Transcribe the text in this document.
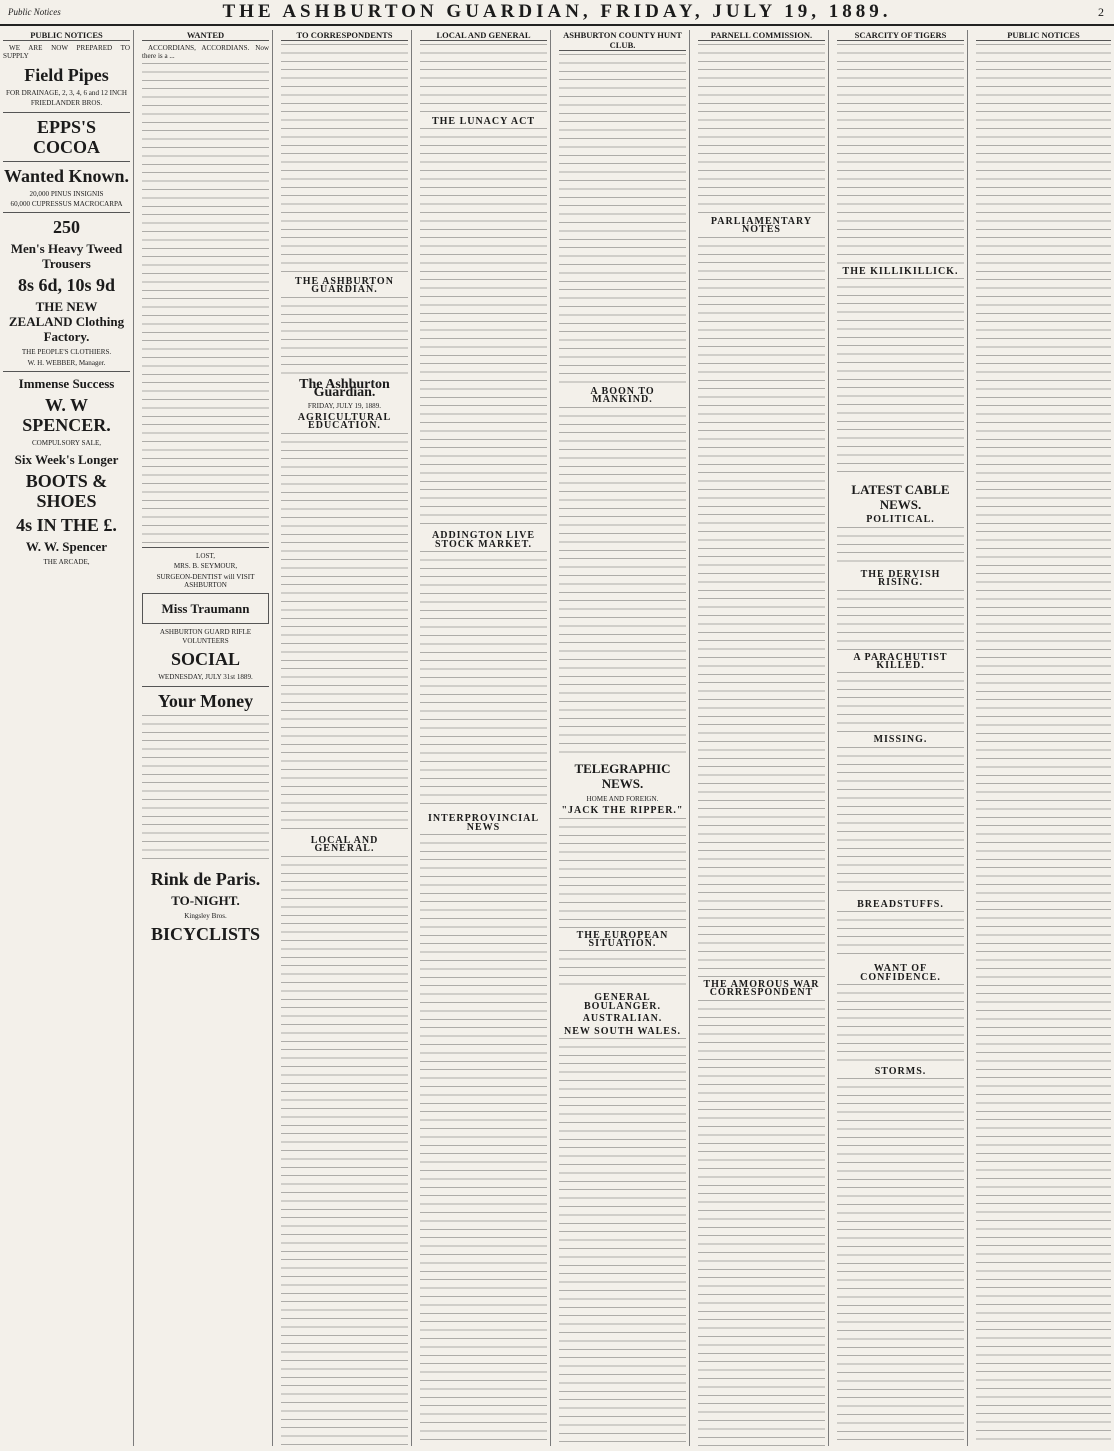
Public Notices	THE ASHBURTON GUARDIAN, FRIDAY, JULY 19, 1889.	2
PUBLIC NOTICES

WE ARE NOW PREPARED TO SUPPLY

Field Pipes
FOR DRAINAGE, 2, 3, 4, 6 and 12 INCH
FRIEDLANDER BROS.
EPPS'S COCOA
Wanted Known.
20,000 PINUS INSIGNIS
60,000 CUPRESSUS MACROCARPA
250
Men's Heavy Tweed Trousers
8s 6d, 10s 9d
THE NEW ZEALAND Clothing Factory.
THE PEOPLE'S CLOTHIERS.
W. H. WEBBER, Manager.
Immense Success
W. W SPENCER.
COMPULSORY SALE,
Six Week's Longer
BOOTS & SHOES
4s IN THE £.
W. W. Spencer
THE ARCADE,
WANTED

ACCORDIANS, ACCORDIANS. Now there is a ...

LOST,
MRS. B. SEYMOUR,
SURGEON-DENTIST will VISIT ASHBURTON
Miss Traumann
ASHBURTON GUARD RIFLE VOLUNTEERS
SOCIAL
WEDNESDAY, JULY 31st 1889.
Your Money
Rink de Paris.
TO-NIGHT.
Kingsley Bros.
BICYCLISTS
TO CORRESPONDENTS
THE ASHBURTON GUARDIAN.
The Ashburton Guardian.
FRIDAY, JULY 19, 1889.
AGRICULTURAL EDUCATION.
LOCAL AND GENERAL.
LOCAL AND GENERAL
THE LUNACY ACT
ADDINGTON LIVE STOCK MARKET.
INTERPROVINCIAL NEWS
ASHBURTON COUNTY HUNT CLUB.
A BOON TO MANKIND.
TELEGRAPHIC NEWS.
HOME AND FOREIGN.
"JACK THE RIPPER."
THE EUROPEAN SITUATION.
GENERAL BOULANGER.
AUSTRALIAN.
NEW SOUTH WALES.
PARNELL COMMISSION.
PARLIAMENTARY NOTES
THE AMOROUS WAR CORRESPONDENT
SCARCITY OF TIGERS
THE KILLIKILLICK.
LATEST CABLE NEWS.
POLITICAL.
THE DERVISH RISING.
A PARACHUTIST KILLED.
MISSING.
BREADSTUFFS.
WANT OF CONFIDENCE.
STORMS.
PUBLIC NOTICES
